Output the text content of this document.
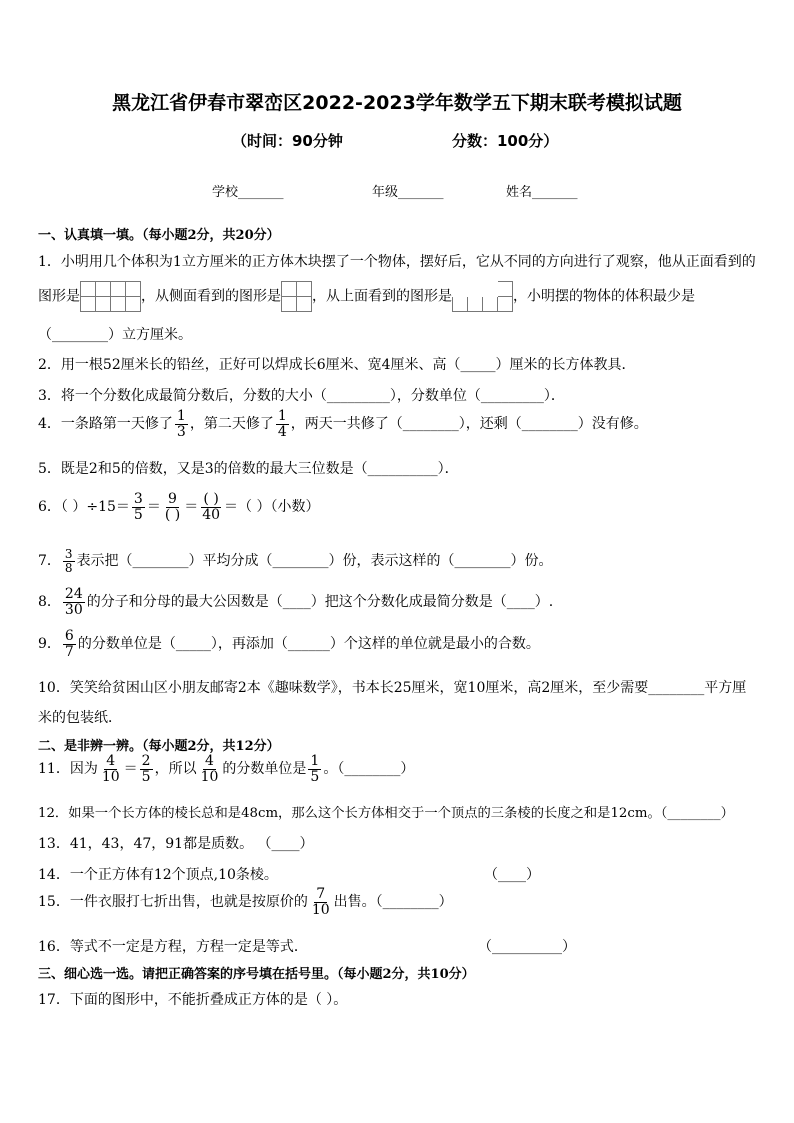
黑龙江省伊春市翠峦区2022-2023学年数学五下期末联考模拟试题
（时间：90分钟	分数：100分）
学校_______	年级_______	姓名_______
一、认真填一填。（每小题2分，共20分）
1．小明用几个体积为1立方厘米的正方体木块摆了一个物体，摆好后，它从不同的方向进行了观察，他从正面看到的
图形是			
				，从侧面看到的图形是	
	，从上面看到的图形是			
				，小明摆的物体的体积最少是
（________）立方厘米。
2．用一根52厘米长的铅丝，正好可以焊成长6厘米、宽4厘米、高（_____）厘米的长方体教具．
3．将一个分数化成最简分数后，分数的大小（_________），分数单位（_________）．
4．一条路第一天修了 $\frac{1}{3}$ ，第二天修了 $\frac{1}{4}$ ，两天一共修了（________），还剩（________）没有修。
5．既是2和5的倍数，又是3的倍数的最大三位数是（__________）．
6．（ ）$\div 15= \frac{3}{5} = \frac{9}{( )} = \frac{( )}{40}$ ＝（ ）（小数）
7． $\frac{3}{8}$ 表示把（________）平均分成（________）份，表示这样的（________）份。
8． $\frac{24}{30}$ 的分子和分母的最大公因数是（____）把这个分数化成最简分数是（____）.
9． $\frac{6}{7}$ 的分数单位是（_____），再添加（______）个这样的单位就是最小的合数。
10．笑笑给贫困山区小朋友邮寄2本《趣味数学》，书本长25厘米，宽10厘米，高2厘米，至少需要________平方厘
米的包装纸．
二、是非辨一辨。（每小题2分，共12分）
11．因为 $\frac{4}{10} = \frac{2}{5}$ ，所以 $\frac{4}{10}$ 的分数单位是 $\frac{1}{5}$ 。（________）
12．如果一个长方体的棱长总和是48cm，那么这个长方体相交于一个顶点的三条棱的长度之和是12cm。（________）
13．41，43，47，91都是质数。 （____）
14．一个正方体有12个顶点,10条棱。	（____）
15．一件衣服打七折出售，也就是按原价的 $\frac{7}{10}$ 出售。（________）
16．等式不一定是方程，方程一定是等式．	（__________）
三、细心选一选。请把正确答案的序号填在括号里。（每小题2分，共10分）
17．下面的图形中，不能折叠成正方体的是（ ）。
